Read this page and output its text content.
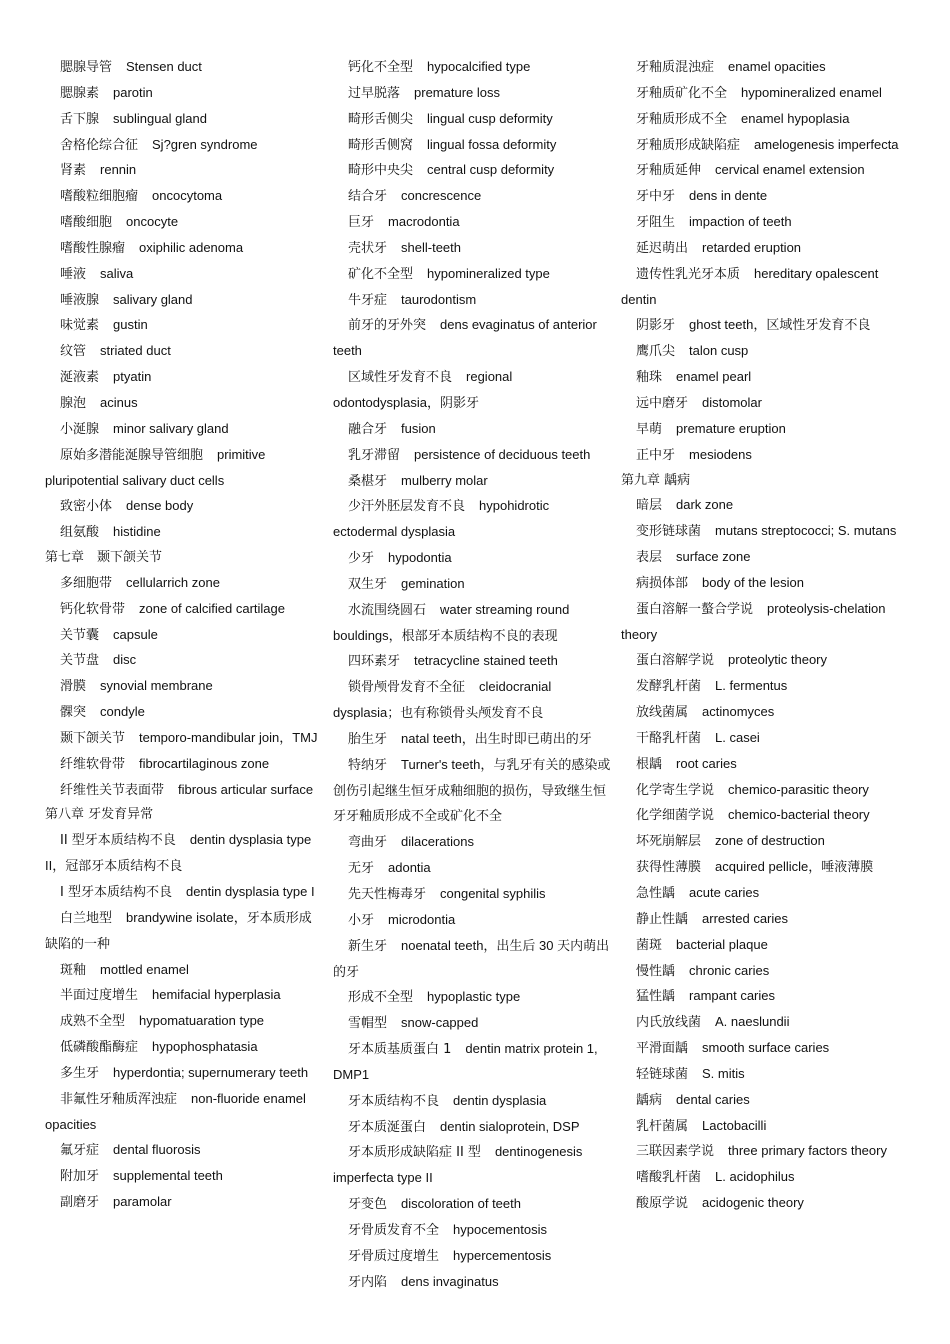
腮腺导管 Stensen duct

腮腺素 parotin

舌下腺 sublingual gland

舍格伦综合征 Sj?gren syndrome

肾素 rennin

嗜酸粒细胞瘤 oncocytoma

嗜酸细胞 oncocyte

嗜酸性腺瘤 oxiphilic adenoma

唾液 saliva

唾液腺 salivary gland

味觉素 gustin

纹管 striated duct

涎液素 ptyatin

腺泡 acinus

小涎腺 minor salivary gland

原始多潜能涎腺导管细胞 primitive pluripotential salivary duct cells

致密小体 dense body

组氨酸 histidine

第七章　颞下颌关节

多细胞带 cellularrich zone

钙化软骨带 zone of calcified cartilage

关节囊 capsule

关节盘 disc

滑膜 synovial membrane

髁突 condyle

颞下颌关节 temporo-mandibular join，TMJ

纤维软骨带 fibrocartilaginous zone

纤维性关节表面带 fibrous articular surface

第八章 牙发育异常

II 型牙本质结构不良 dentin dysplasia type II，冠部牙本质结构不良

I 型牙本质结构不良 dentin dysplasia type I

白兰地型 brandywine isolate，牙本质形成缺陷的一种

斑釉 mottled enamel

半面过度增生 hemifacial hyperplasia

成熟不全型 hypomatuaration type

低磷酸酯酶症 hypophosphatasia

多生牙 hyperdontia; supernumerary teeth

非氟性牙釉质浑浊症 non-fluoride enamel opacities

氟牙症 dental fluorosis

附加牙 supplemental teeth

副磨牙 paramolar

钙化不全型 hypocalcified type

过早脱落 premature loss

畸形舌侧尖 lingual cusp deformity

畸形舌侧窝 lingual fossa deformity

畸形中央尖 central cusp deformity

结合牙 concrescence

巨牙 macrodontia

壳状牙 shell-teeth

矿化不全型 hypomineralized type

牛牙症 taurodontism

前牙的牙外突 dens evaginatus of anterior teeth

区域性牙发育不良 regional odontodysplasia，阴影牙

融合牙 fusion

乳牙滞留 persistence of deciduous teeth

桑椹牙 mulberry molar

少汗外胚层发育不良 hypohidrotic ectodermal dysplasia

少牙 hypodontia

双生牙 gemination

水流围绕圆石 water streaming round bouldings，根部牙本质结构不良的表现

四环素牙 tetracycline stained teeth

锁骨颅骨发育不全征 cleidocranial dysplasia；也有称锁骨头颅发育不良

胎生牙 natal teeth，出生时即已萌出的牙

特纳牙 Turner's teeth，与乳牙有关的感染或创伤引起继生恒牙成釉细胞的损伤，导致继生恒牙牙釉质形成不全或矿化不全

弯曲牙 dilacerations

无牙 adontia

先天性梅毒牙 congenital syphilis

小牙 microdontia

新生牙 noenatal teeth，出生后 30 天内萌出的牙

形成不全型 hypoplastic type

雪帽型 snow-capped

牙本质基质蛋白 1 dentin matrix protein 1, DMP1

牙本质结构不良 dentin dysplasia

牙本质涎蛋白 dentin sialoprotein, DSP

牙本质形成缺陷症 II 型 dentinogenesis imperfecta type II

牙变色 discoloration of teeth

牙骨质发育不全 hypocementosis

牙骨质过度增生 hypercementosis

牙内陷 dens invaginatus

牙釉质混浊症 enamel opacities

牙釉质矿化不全 hypomineralized enamel

牙釉质形成不全 enamel hypoplasia

牙釉质形成缺陷症 amelogenesis imperfecta

牙釉质延伸 cervical enamel extension

牙中牙 dens in dente

牙阻生 impaction of teeth

延迟萌出 retarded eruption

遗传性乳光牙本质 hereditary opalescent dentin

阴影牙 ghost teeth，区域性牙发育不良

鹰爪尖 talon cusp

釉珠 enamel pearl

远中磨牙 distomolar

早萌 premature eruption

正中牙 mesiodens

第九章 龋病

暗层 dark zone

变形链球菌 mutans streptococci; S. mutans

表层 surface zone

病损体部 body of the lesion

蛋白溶解一螯合学说 proteolysis-chelation theory

蛋白溶解学说 proteolytic theory

发酵乳杆菌 L. fermentus

放线菌属 actinomyces

干酪乳杆菌 L. casei

根龋 root caries

化学寄生学说 chemico-parasitic theory

化学细菌学说 chemico-bacterial theory

坏死崩解层 zone of destruction

获得性薄膜 acquired pellicle，唾液薄膜

急性龋 acute caries

静止性龋 arrested caries

菌斑 bacterial plaque

慢性龋 chronic caries

猛性龋 rampant caries

内氏放线菌 A. naeslundii

平滑面龋 smooth surface caries

轻链球菌 S. mitis

龋病 dental caries

乳杆菌属 Lactobacilli

三联因素学说 three primary factors theory

嗜酸乳杆菌 L. acidophilus

酸原学说 acidogenic theory
